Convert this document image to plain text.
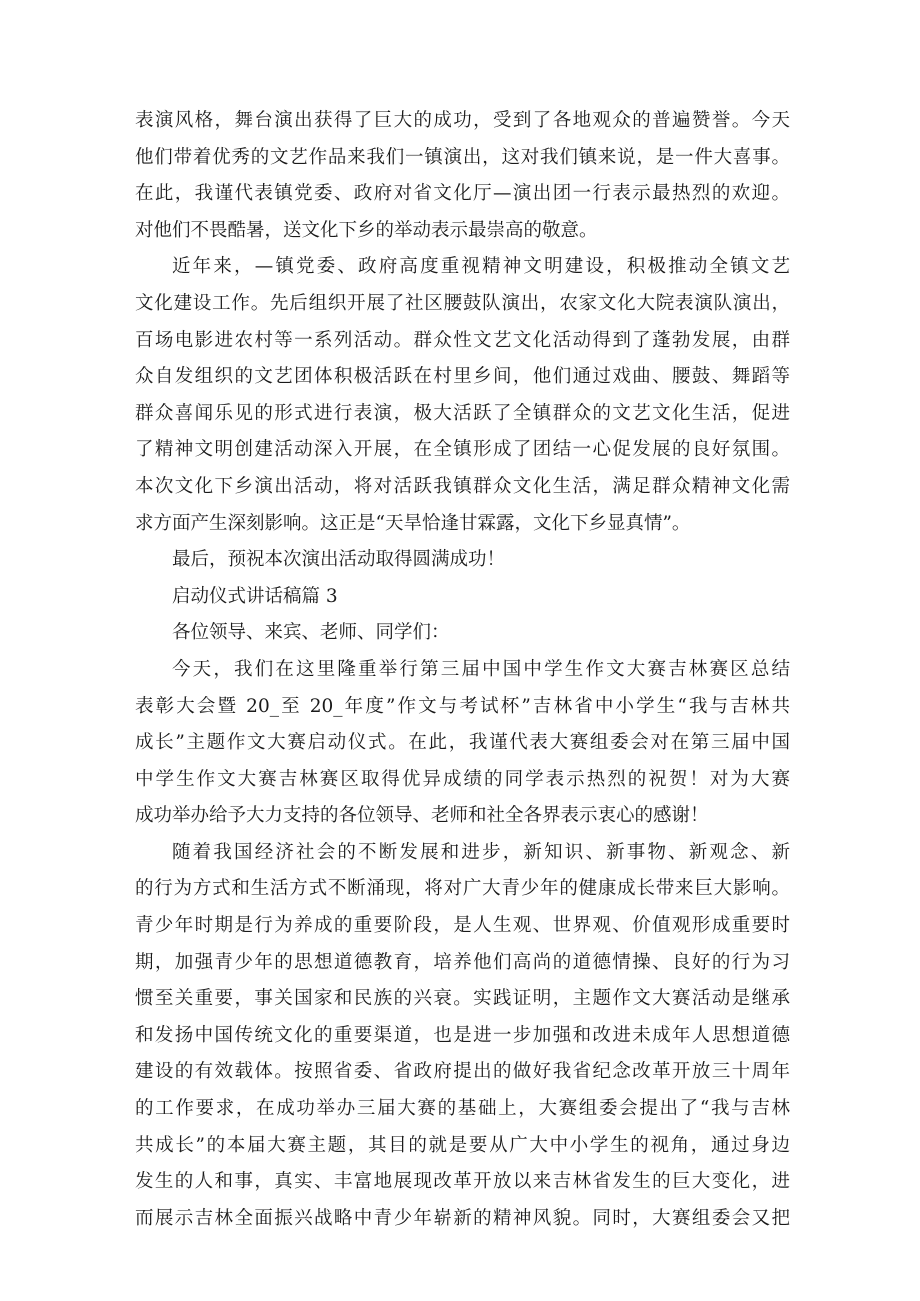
表演风格，舞台演出获得了巨大的成功，受到了各地观众的普遍赞誉。今天
他们带着优秀的文艺作品来我们一镇演出，这对我们镇来说，是一件大喜事。
在此，我谨代表镇党委、政府对省文化厅—演出团一行表示最热烈的欢迎。
对他们不畏酷暑，送文化下乡的举动表示最崇高的敬意。
近年来，—镇党委、政府高度重视精神文明建设，积极推动全镇文艺
文化建设工作。先后组织开展了社区腰鼓队演出，农家文化大院表演队演出，
百场电影进农村等一系列活动。群众性文艺文化活动得到了蓬勃发展，由群
众自发组织的文艺团体积极活跃在村里乡间，他们通过戏曲、腰鼓、舞蹈等
群众喜闻乐见的形式进行表演，极大活跃了全镇群众的文艺文化生活，促进
了精神文明创建活动深入开展，在全镇形成了团结一心促发展的良好氛围。
本次文化下乡演出活动，将对活跃我镇群众文化生活，满足群众精神文化需
求方面产生深刻影响。这正是“天旱恰逢甘霖露，文化下乡显真情”。
最后，预祝本次演出活动取得圆满成功！
启动仪式讲话稿篇 3
各位领导、来宾、老师、同学们：
今天，我们在这里隆重举行第三届中国中学生作文大赛吉林赛区总结
表彰大会暨 20_至 20_年度”作文与考试杯”吉林省中小学生“我与吉林共
成长”主题作文大赛启动仪式。在此，我谨代表大赛组委会对在第三届中国
中学生作文大赛吉林赛区取得优异成绩的同学表示热烈的祝贺！对为大赛
成功举办给予大力支持的各位领导、老师和社全各界表示衷心的感谢！
随着我国经济社会的不断发展和进步，新知识、新事物、新观念、新
的行为方式和生活方式不断涌现，将对广大青少年的健康成长带来巨大影响。
青少年时期是行为养成的重要阶段，是人生观、世界观、价值观形成重要时
期，加强青少年的思想道德教育，培养他们高尚的道德情操、良好的行为习
惯至关重要，事关国家和民族的兴衰。实践证明，主题作文大赛活动是继承
和发扬中国传统文化的重要渠道，也是进一步加强和改进未成年人思想道德
建设的有效载体。按照省委、省政府提出的做好我省纪念改革开放三十周年
的工作要求，在成功举办三届大赛的基础上，大赛组委会提出了“我与吉林
共成长”的本届大赛主题，其目的就是要从广大中小学生的视角，通过身边
发生的人和事，真实、丰富地展现改革开放以来吉林省发生的巨大变化，进
而展示吉林全面振兴战略中青少年崭新的精神风貌。同时，大赛组委会又把
